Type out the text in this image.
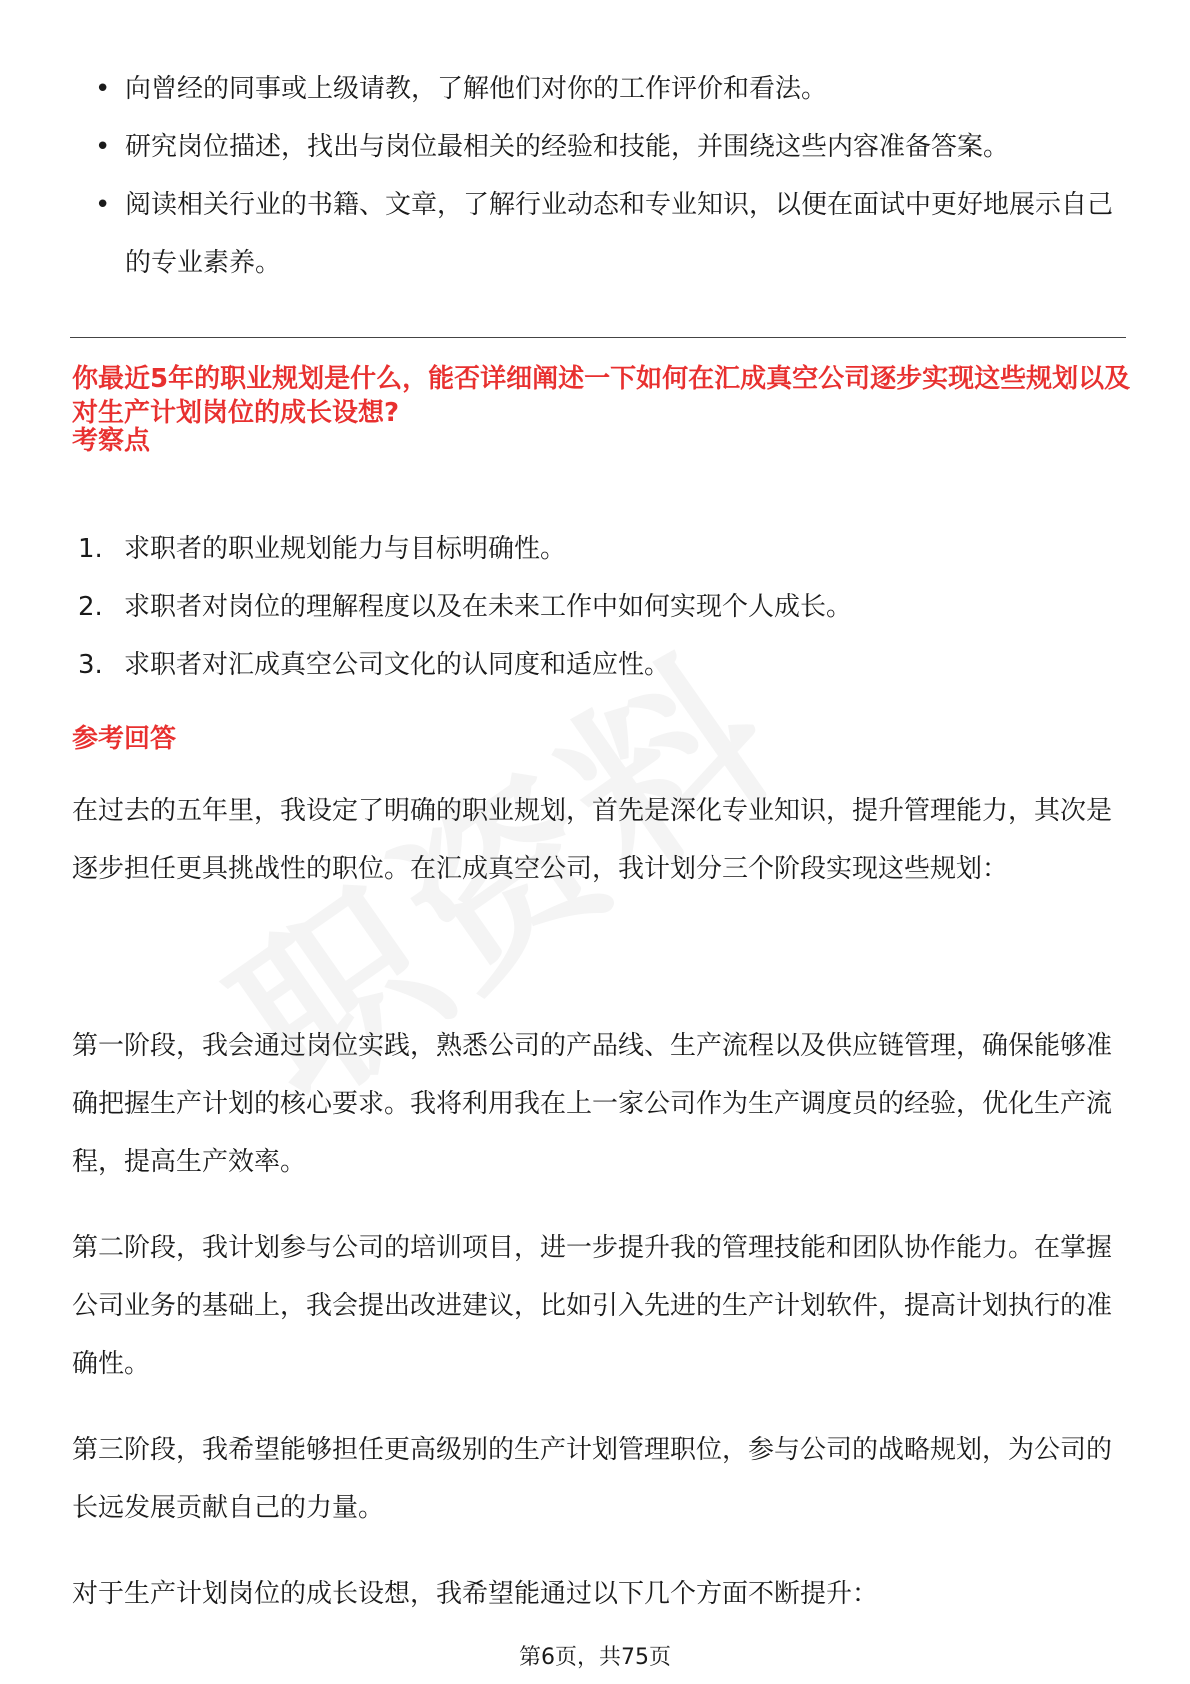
• 向曾经的同事或上级请教，了解他们对你的工作评价和看法。
• 研究岗位描述，找出与岗位最相关的经验和技能，并围绕这些内容准备答案。
• 阅读相关行业的书籍、文章，了解行业动态和专业知识，以便在面试中更好地展示自己的专业素养。

你最近5年的职业规划是什么，能否详细阐述一下如何在汇成真空公司逐步实现这些规划以及对生产计划岗位的成长设想?

考察点

1. 求职者的职业规划能力与目标明确性。
2. 求职者对岗位的理解程度以及在未来工作中如何实现个人成长。
3. 求职者对汇成真空公司文化的认同度和适应性。

参考回答

在过去的五年里，我设定了明确的职业规划，首先是深化专业知识，提升管理能力，其次是逐步担任更具挑战性的职位。在汇成真空公司，我计划分三个阶段实现这些规划：

第一阶段，我会通过岗位实践，熟悉公司的产品线、生产流程以及供应链管理，确保能够准确把握生产计划的核心要求。我将利用我在上一家公司作为生产调度员的经验，优化生产流程，提高生产效率。

第二阶段，我计划参与公司的培训项目，进一步提升我的管理技能和团队协作能力。在掌握公司业务的基础上，我会提出改进建议，比如引入先进的生产计划软件，提高计划执行的准确性。

第三阶段，我希望能够担任更高级别的生产计划管理职位，参与公司的战略规划，为公司的长远发展贡献自己的力量。

对于生产计划岗位的成长设想，我希望能通过以下几个方面不断提升：

第6页，共75页
